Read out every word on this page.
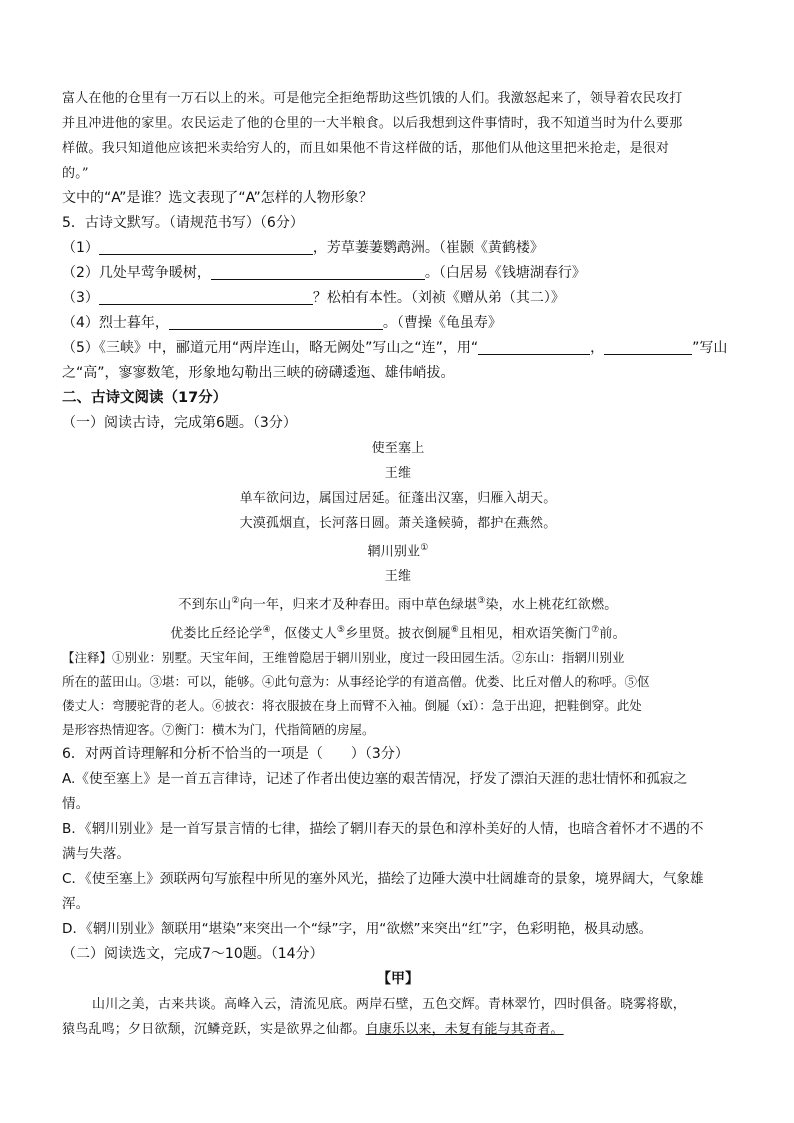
富人在他的仓里有一万石以上的米。可是他完全拒绝帮助这些饥饿的人们。我激怒起来了，领导着农民攻打
并且冲进他的家里。农民运走了他的仓里的一大半粮食。以后我想到这件事情时，我不知道当时为什么要那
样做。我只知道他应该把米卖给穷人的，而且如果他不肯这样做的话，那他们从他这里把米抢走，是很对
的。”
文中的“A”是谁？选文表现了“A”怎样的人物形象？
5．古诗文默写。（请规范书写）（6分）
（1）	，芳草萋萋鹦鹉洲。（崔颢《黄鹤楼》
（2）几处早莺争暖树，	。（白居易《钱塘湖春行》
（3）	？松柏有本性。（刘祯《赠从弟（其二）》
（4）烈士暮年，	。（曹操《龟虽寿》
（5）《三峡》中，郦道元用“两岸连山，略无阙处”写山之“连”，用“	，	”写山
之“高”，寥寥数笔，形象地勾勒出三峡的磅礴逶迤、雄伟峭拔。
二、古诗文阅读（17分）
（一）阅读古诗，完成第6题。（3分）
使至塞上
王维
单车欲问边，属国过居延。征蓬出汉塞，归雁入胡天。
大漠孤烟直，长河落日圆。萧关逢候骑，都护在燕然。
辋川别业①
王维
不到东山②向一年，归来才及种春田。雨中草色绿堪③染，水上桃花红欲燃。
优娄比丘经论学④，伛偻丈人⑤乡里贤。披衣倒屣⑥且相见，相欢语笑衡门⑦前。
【注释】①别业：别墅。天宝年间，王维曾隐居于辋川别业，度过一段田园生活。②东山：指辋川别业
所在的蓝田山。③堪：可以，能够。④此句意为：从事经论学的有道高僧。优娄、比丘对僧人的称呼。⑤伛
偻丈人：弯腰驼背的老人。⑥披衣：将衣服披在身上而臂不入袖。倒屣（xǐ）：急于出迎，把鞋倒穿。此处
是形容热情迎客。⑦衡门：横木为门，代指简陋的房屋。
6．对两首诗理解和分析不恰当的一项是（　　）（3分）
A.《使至塞上》是一首五言律诗，记述了作者出使边塞的艰苦情况，抒发了漂泊天涯的悲壮情怀和孤寂之
情。
B．《辋川别业》是一首写景言情的七律，描绘了辋川春天的景色和淳朴美好的人情，也暗含着怀才不遇的不
满与失落。
C．《使至塞上》颈联两句写旅程中所见的塞外风光，描绘了边陲大漠中壮阔雄奇的景象，境界阔大，气象雄
浑。
D．《辋川别业》颔联用“堪染”来突出一个“绿”字，用“欲燃”来突出“红”字，色彩明艳，极具动感。
（二）阅读选文，完成7～10题。（14分）
【甲】
山川之美，古来共谈。高峰入云，清流见底。两岸石壁，五色交辉。青林翠竹，四时俱备。晓雾将歇，
猿鸟乱鸣；夕日欲颓，沉鳞竞跃，实是欲界之仙都。自康乐以来，未复有能与其奇者。
